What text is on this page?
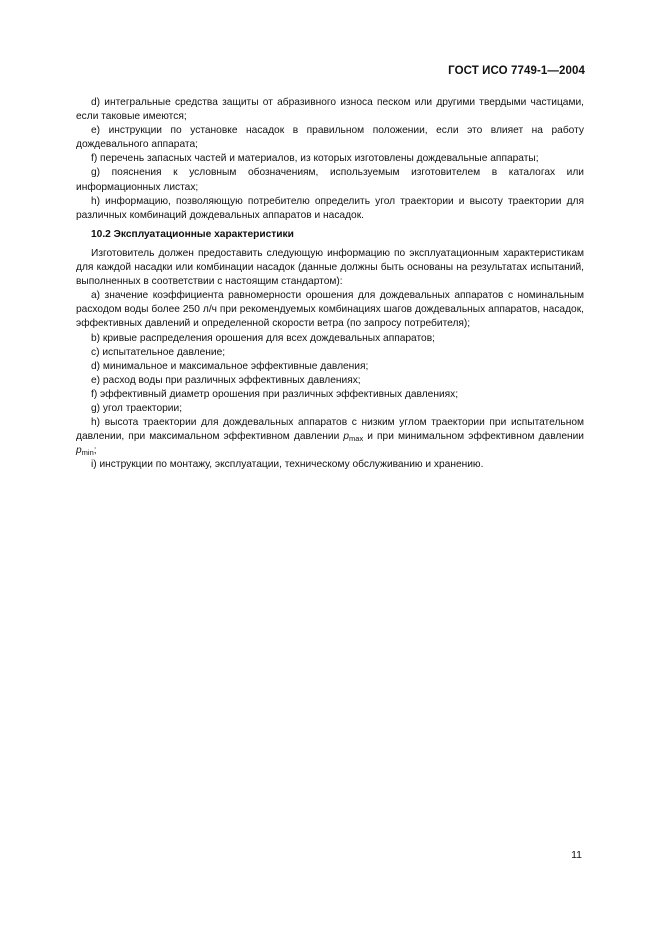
ГОСТ ИСО 7749-1—2004

d) интегральные средства защиты от абразивного износа песком или другими твердыми частицами, если таковые имеются;

e) инструкции по установке насадок в правильном положении, если это влияет на работу дождевального аппарата;

f) перечень запасных частей и материалов, из которых изготовлены дождевальные аппараты;

g) пояснения к условным обозначениям, используемым изготовителем в каталогах или информационных листах;

h) информацию, позволяющую потребителю определить угол траектории и высоту траектории для различных комбинаций дождевальных аппаратов и насадок.

10.2 Эксплуатационные характеристики

Изготовитель должен предоставить следующую информацию по эксплуатационным характеристикам для каждой насадки или комбинации насадок (данные должны быть основаны на результатах испытаний, выполненных в соответствии с настоящим стандартом):

a) значение коэффициента равномерности орошения для дождевальных аппаратов с номинальным расходом воды более 250 л/ч при рекомендуемых комбинациях шагов дождевальных аппаратов, насадок, эффективных давлений и определенной скорости ветра (по запросу потребителя);

b) кривые распределения орошения для всех дождевальных аппаратов;

c) испытательное давление;

d) минимальное и максимальное эффективные давления;

e) расход воды при различных эффективных давлениях;

f) эффективный диаметр орошения при различных эффективных давлениях;

g) угол траектории;

h) высота траектории для дождевальных аппаратов с низким углом траектории при испытательном давлении, при максимальном эффективном давлении $p_{max}$ и при минимальном эффективном давлении $p_{min}$;

i) инструкции по монтажу, эксплуатации, техническому обслуживанию и хранению.

11
